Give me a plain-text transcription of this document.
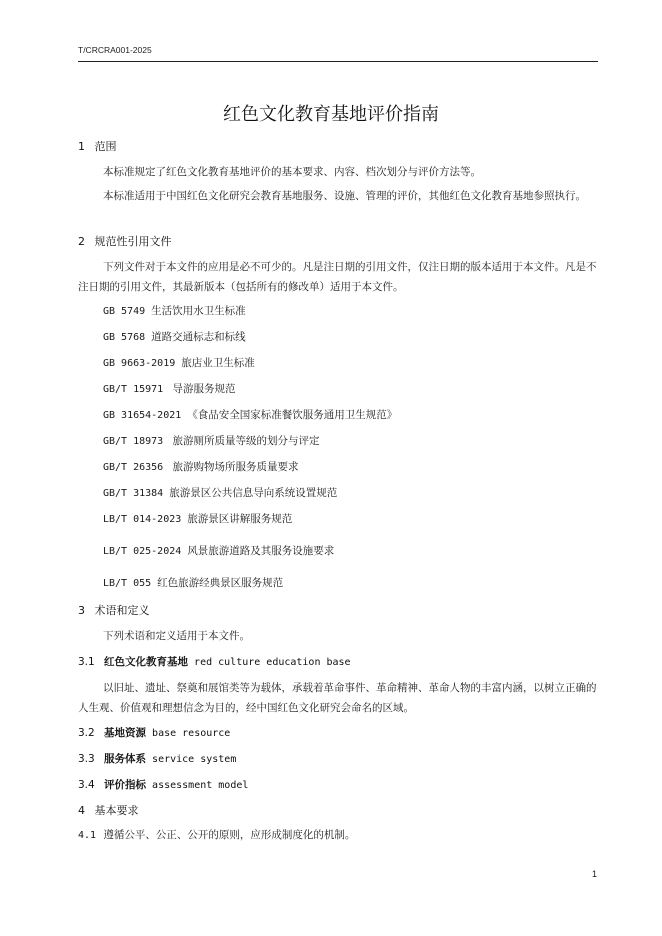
T/CRCRA001-2025
红色文化教育基地评价指南
1 范围
本标准规定了红色文化教育基地评价的基本要求、内容、档次划分与评价方法等。
本标准适用于中国红色文化研究会教育基地服务、设施、管理的评价，其他红色文化教育基地参照执行。
2 规范性引用文件
下列文件对于本文件的应用是必不可少的。凡是注日期的引用文件，仅注日期的版本适用于本文件。凡是不注日期的引用文件，其最新版本（包括所有的修改单）适用于本文件。
GB 5749 生活饮用水卫生标准
GB 5768 道路交通标志和标线
GB 9663-2019 旅店业卫生标准
GB/T 15971 导游服务规范
GB 31654-2021 《食品安全国家标准餐饮服务通用卫生规范》
GB/T 18973 旅游厕所质量等级的划分与评定
GB/T 26356 旅游购物场所服务质量要求
GB/T 31384 旅游景区公共信息导向系统设置规范
LB/T 014-2023 旅游景区讲解服务规范
LB/T 025-2024 风景旅游道路及其服务设施要求
LB/T 055 红色旅游经典景区服务规范
3 术语和定义
下列术语和定义适用于本文件。
3.1 红色文化教育基地 red culture education base
以旧址、遗址、祭奠和展馆类等为载体，承载着革命事件、革命精神、革命人物的丰富内涵，以树立正确的人生观、价值观和理想信念为目的，经中国红色文化研究会命名的区域。
3.2 基地资源 base resource
3.3 服务体系 service system
3.4 评价指标 assessment model
4 基本要求
4.1 遵循公平、公正、公开的原则，应形成制度化的机制。
1
